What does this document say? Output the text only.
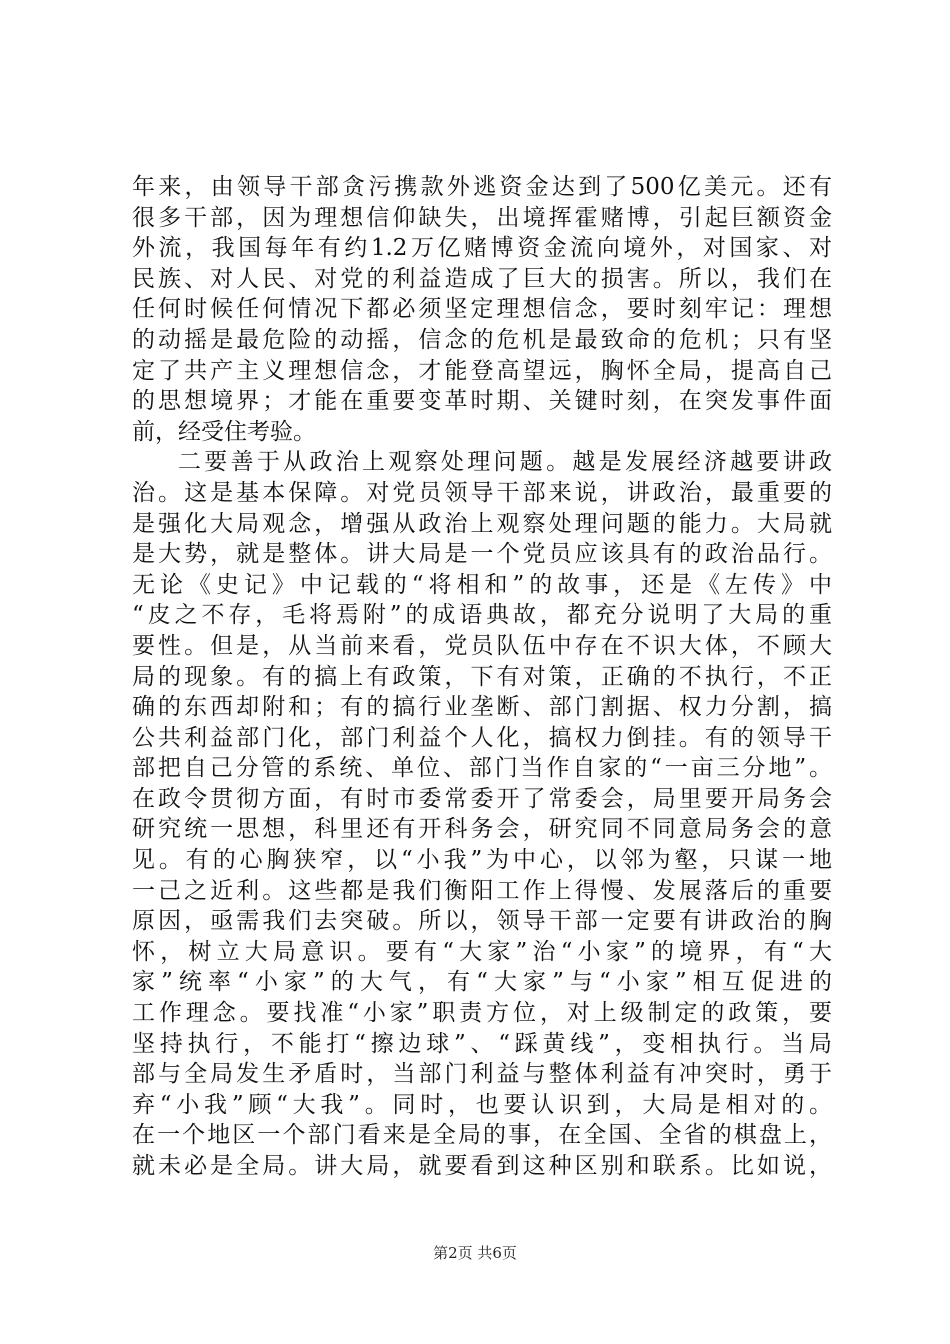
年来，由领导干部贪污携款外逃资金达到了500亿美元。还有
很多干部，因为理想信仰缺失，出境挥霍赌博，引起巨额资金
外流，我国每年有约1.2万亿赌博资金流向境外，对国家、对
民族、对人民、对党的利益造成了巨大的损害。所以，我们在
任何时候任何情况下都必须坚定理想信念，要时刻牢记：理想
的动摇是最危险的动摇，信念的危机是最致命的危机；只有坚
定了共产主义理想信念，才能登高望远，胸怀全局，提高自己
的思想境界；才能在重要变革时期、关键时刻，在突发事件面
前，经受住考验。
二要善于从政治上观察处理问题。越是发展经济越要讲政
治。这是基本保障。对党员领导干部来说，讲政治，最重要的
是强化大局观念，增强从政治上观察处理问题的能力。大局就
是大势，就是整体。讲大局是一个党员应该具有的政治品行。
无论《史记》中记载的“将相和”的故事，还是《左传》中
“皮之不存，毛将焉附”的成语典故，都充分说明了大局的重
要性。但是，从当前来看，党员队伍中存在不识大体，不顾大
局的现象。有的搞上有政策，下有对策，正确的不执行，不正
确的东西却附和；有的搞行业垄断、部门割据、权力分割，搞
公共利益部门化，部门利益个人化，搞权力倒挂。有的领导干
部把自己分管的系统、单位、部门当作自家的“一亩三分地”。
在政令贯彻方面，有时市委常委开了常委会，局里要开局务会
研究统一思想，科里还有开科务会，研究同不同意局务会的意
见。有的心胸狭窄，以“小我”为中心，以邻为壑，只谋一地
一己之近利。这些都是我们衡阳工作上得慢、发展落后的重要
原因，亟需我们去突破。所以，领导干部一定要有讲政治的胸
怀，树立大局意识。要有“大家”治“小家”的境界，有“大
家”统率“小家”的大气，有“大家”与“小家”相互促进的
工作理念。要找准“小家”职责方位，对上级制定的政策，要
坚持执行，不能打“擦边球”、“踩黄线”，变相执行。当局
部与全局发生矛盾时，当部门利益与整体利益有冲突时，勇于
弃“小我”顾“大我”。同时，也要认识到，大局是相对的。
在一个地区一个部门看来是全局的事，在全国、全省的棋盘上，
就未必是全局。讲大局，就要看到这种区别和联系。比如说，
第2页 共6页
